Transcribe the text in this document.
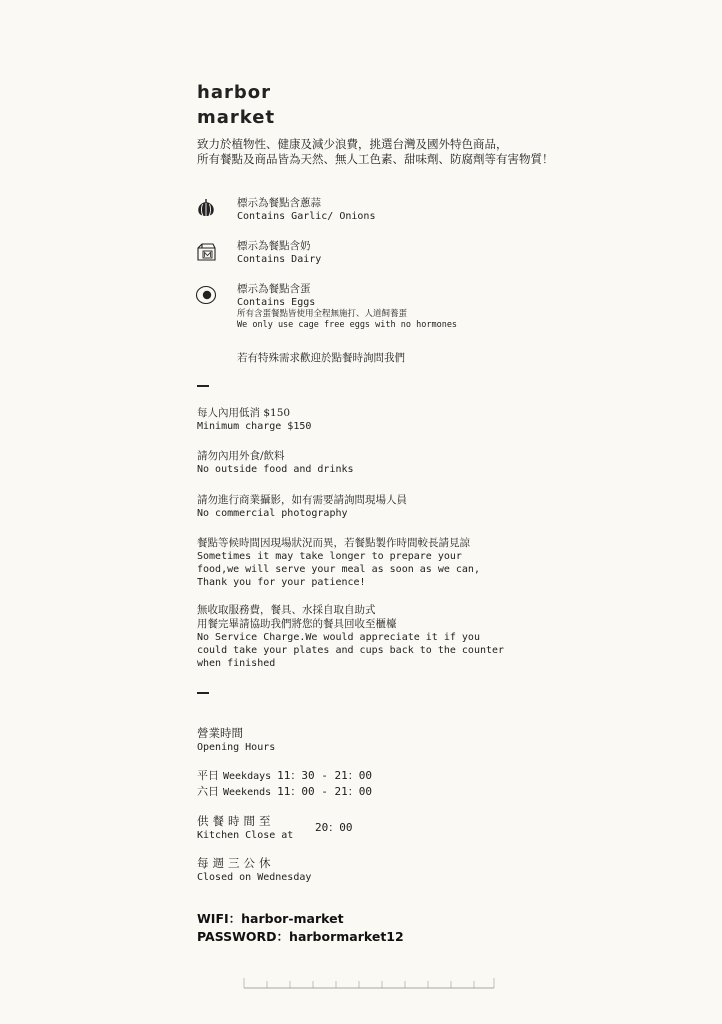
harbor
market
致力於植物性、健康及減少浪費，挑選台灣及國外特色商品，
所有餐點及商品皆為天然、無人工色素、甜味劑、防腐劑等有害物質！
標示為餐點含蔥蒜
Contains Garlic/ Onions
標示為餐點含奶
Contains Dairy
標示為餐點含蛋
Contains Eggs
所有含蛋餐點皆使用全程無施打、人道飼養蛋
We only use cage free eggs with no hormones
若有特殊需求歡迎於點餐時詢問我們
每人內用低消 $150
Minimum charge $150
請勿內用外食/飲料
No outside food and drinks
請勿進行商業攝影，如有需要請詢問現場人員
No commercial photography
餐點等候時間因現場狀況而異，若餐點製作時間較長請見諒
Sometimes it may take longer to prepare your
food,we will serve your meal as soon as we can,
Thank you for your patience!
無收取服務費，餐具、水採自取自助式
用餐完畢請協助我們將您的餐具回收至櫃檯
No Service Charge.We would appreciate it if you
could take your plates and cups back to the counter
when finished
營業時間
Opening Hours
平日 Weekdays 11：30 - 21：00
六日 Weekends 11：00 - 21：00
供餐時間至
Kitchen Close at
20：00
每週三公休
Closed on Wednesday
WIFI：harbor-market
PASSWORD：harbormarket12
